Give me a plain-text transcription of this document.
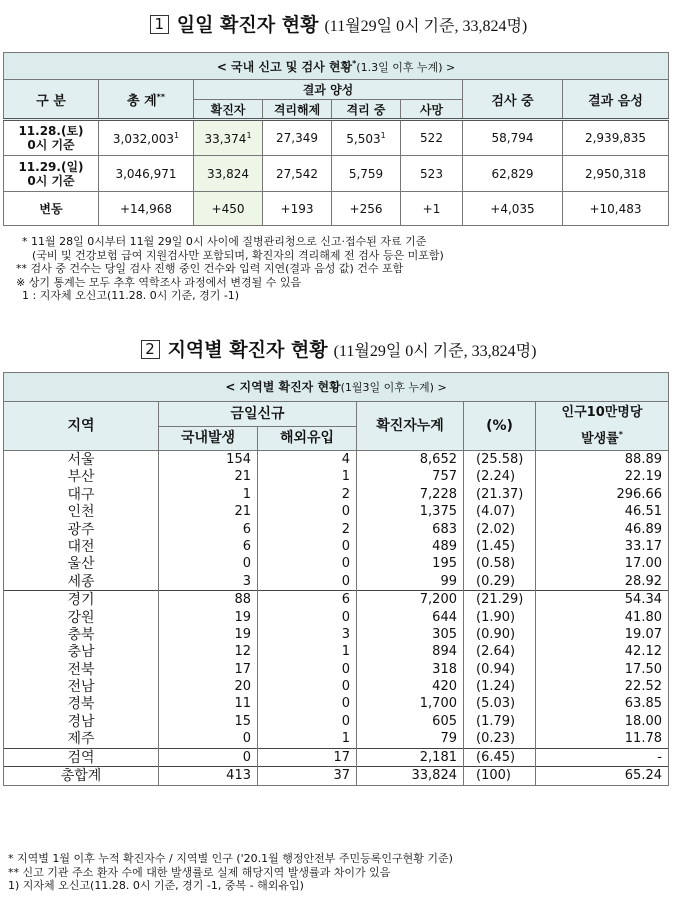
1 일일 확진자 현황 (11월29일 0시 기준, 33,824명)
< 국내 신고 및 검사 현황*(1.3일 이후 누계) >							
구 분	총 계**	결과 양성				검사 중	결과 음성
		확진자	격리해제	격리 중	사망		
11.28.(토)
0시 기준	3,032,003$^1$	33,374$^1$	27,349	5,503$^1$	522	58,794	2,939,835
11.29.(일)
0시 기준	3,046,971	33,824	27,542	5,759	523	62,829	2,950,318
변동	+14,968	+450	+193	+256	+1	+4,035	+10,483
* 11월 28일 0시부터 11월 29일 0시 사이에 질병관리청으로 신고·접수된 자료 기준
(국비 및 건강보험 급여 지원검사만 포함되며, 확진자의 격리해제 전 검사 등은 미포함)
** 검사 중 건수는 당일 검사 진행 중인 건수와 입력 지연(결과 음성 값) 건수 포함
※ 상기 통계는 모두 추후 역학조사 과정에서 변경될 수 있음
1 : 지자체 오신고(11.28. 0시 기준, 경기 -1)
2 지역별 확진자 현황 (11월29일 0시 기준, 33,824명)
< 지역별 확진자 현황(1월3일 이후 누계) >					
지역	금일신규		확진자누계	(%)	인구10만명당
발생률*
	국내발생	해외유입			
서울	154	4	8,652	(25.58)	88.89
부산	21	1	757	(2.24)	22.19
대구	1	2	7,228	(21.37)	296.66
인천	21	0	1,375	(4.07)	46.51
광주	6	2	683	(2.02)	46.89
대전	6	0	489	(1.45)	33.17
울산	0	0	195	(0.58)	17.00
세종	3	0	99	(0.29)	28.92
경기	88	6	7,200	(21.29)	54.34
강원	19	0	644	(1.90)	41.80
충북	19	3	305	(0.90)	19.07
충남	12	1	894	(2.64)	42.12
전북	17	0	318	(0.94)	17.50
전남	20	0	420	(1.24)	22.52
경북	11	0	1,700	(5.03)	63.85
경남	15	0	605	(1.79)	18.00
제주	0	1	79	(0.23)	11.78
검역	0	17	2,181	(6.45)	-
총합계	413	37	33,824	(100)	65.24
* 지역별 1월 이후 누적 확진자수 / 지역별 인구 ('20.1월 행정안전부 주민등록인구현황 기준)
** 신고 기관 주소 환자 수에 대한 발생률로 실제 해당지역 발생률과 차이가 있음
1) 지자체 오신고(11.28. 0시 기준, 경기 -1, 중복 - 해외유입)
